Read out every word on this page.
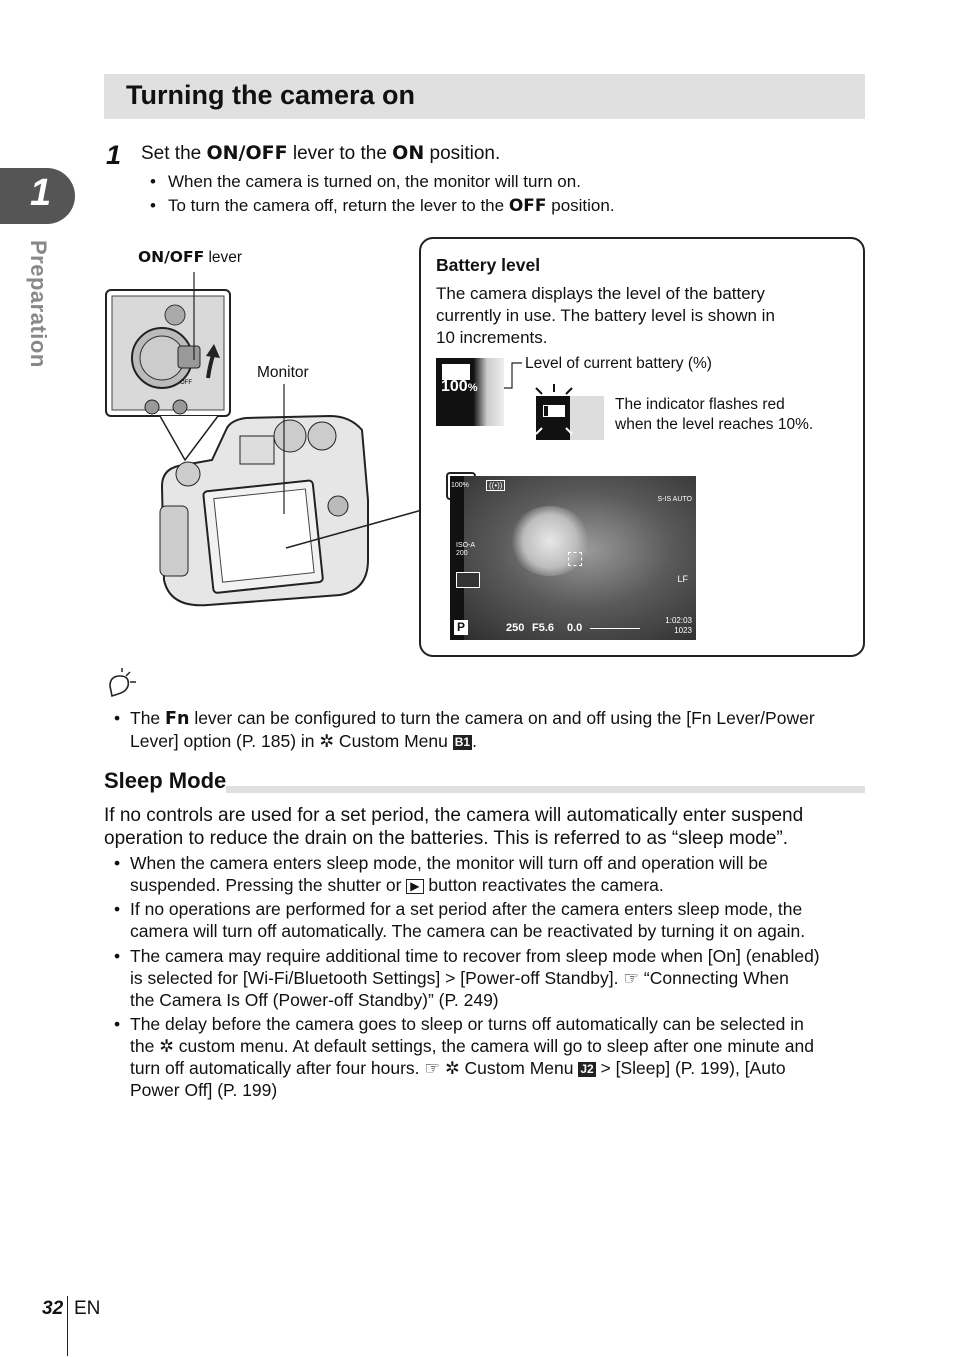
1
Preparation
Turning the camera on
1 Set the ON/OFF lever to the ON position.
• When the camera is turned on, the monitor will turn on.
• To turn the camera off, return the lever to the OFF position.
ON/OFF lever
Monitor
OFF
Battery level
The camera displays the level of the battery
currently in use. The battery level is shown in
10 increments.
Level of current battery (%)
100%
The indicator flashes red
when the level reaches 10%.
100%	((•))
ISO-A
200
S-IS AUTO
LF
P	250 F5.6 0.0
1:02:03
1023
• The Fn lever can be configured to turn the camera on and off using the [Fn Lever/Power
Lever] option (P. 185) in ✲ Custom Menu B1 .
Sleep Mode
If no controls are used for a set period, the camera will automatically enter suspend
operation to reduce the drain on the batteries. This is referred to as “sleep mode”.
• When the camera enters sleep mode, the monitor will turn off and operation will be
suspended. Pressing the shutter or ▶ button reactivates the camera.
• If no operations are performed for a set period after the camera enters sleep mode, the
camera will turn off automatically. The camera can be reactivated by turning it on again.
• The camera may require additional time to recover from sleep mode when [On] (enabled)
is selected for [Wi-Fi/Bluetooth Settings] > [Power-off Standby]. ☞ “Connecting When
the Camera Is Off (Power-off Standby)” (P. 249)
• The delay before the camera goes to sleep or turns off automatically can be selected in
the ✲ custom menu. At default settings, the camera will go to sleep after one minute and
turn off automatically after four hours. ☞ ✲ Custom Menu J2 > [Sleep] (P. 199), [Auto
Power Off] (P. 199)
32 EN
